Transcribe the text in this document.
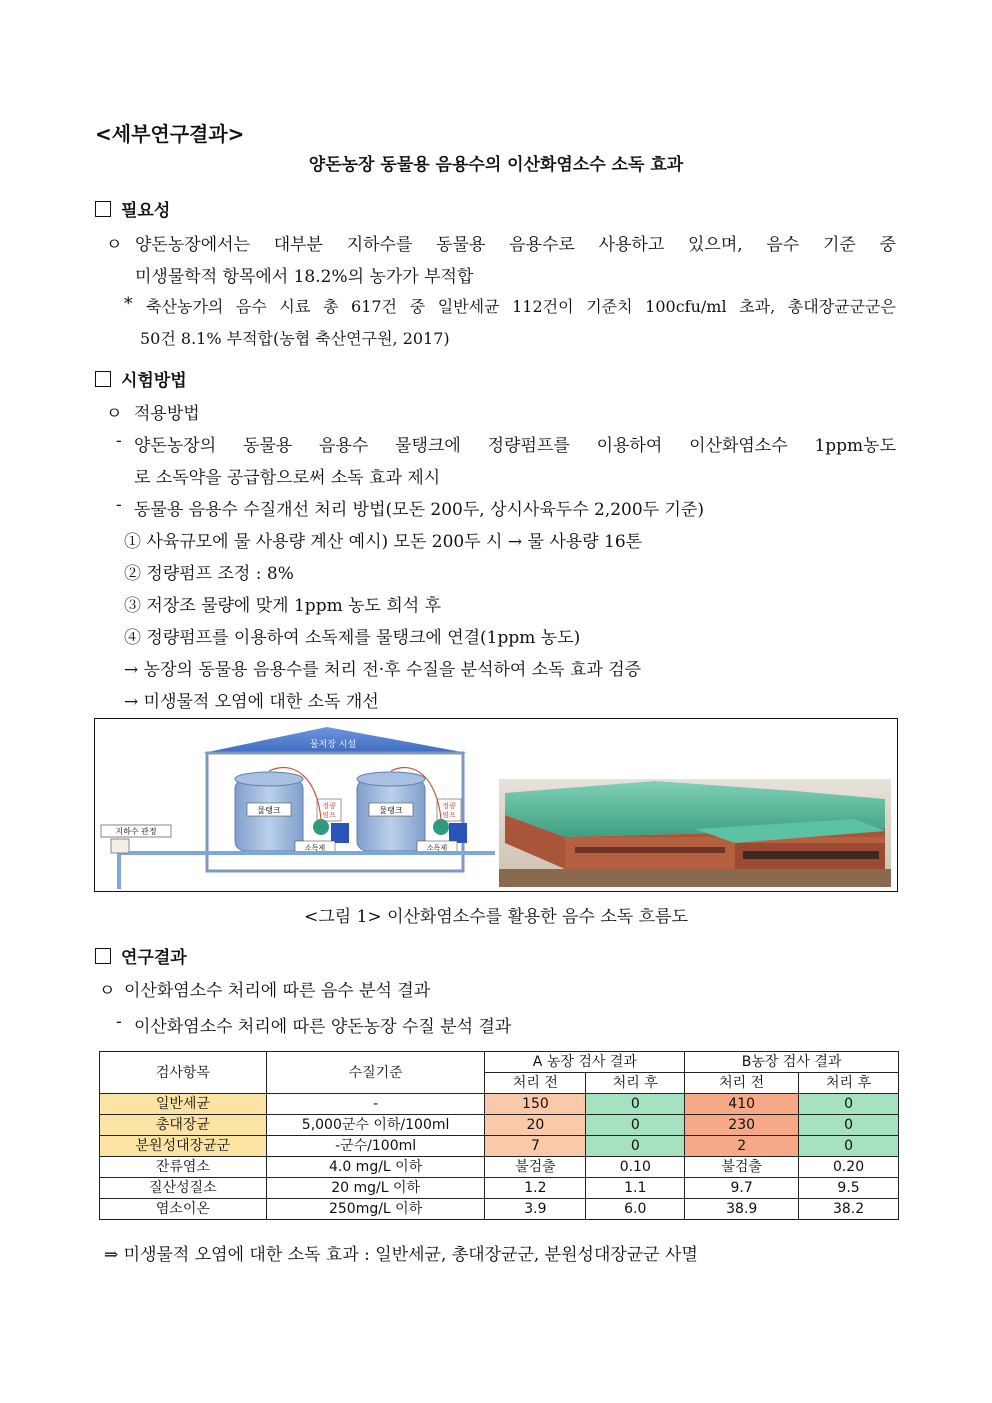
<세부연구결과>
양돈농장 동물용 음용수의 이산화염소수 소독 효과
필요성
ㅇ 양돈농장에서는 대부분 지하수를 동물용 음용수로 사용하고 있으며, 음수 기준 중
미생물학적 항목에서 18.2%의 농가가 부적합
* 축산농가의 음수 시료 총 617건 중 일반세균 112건이 기준치 100cfu/ml 초과, 총대장균군군은
50건 8.1% 부적합(농협 축산연구원, 2017)
시험방법
ㅇ 적용방법
- 양돈농장의 동물용 음용수 물탱크에 정량펌프를 이용하여 이산화염소수 1ppm농도
로 소독약을 공급함으로써 소독 효과 제시
- 동물용 음용수 수질개선 처리 방법(모돈 200두, 상시사육두수 2,200두 기준)
① 사육규모에 물 사용량 계산 예시) 모돈 200두 시 → 물 사용량 16톤
② 정량펌프 조정 : 8%
③ 저장조 물량에 맞게 1ppm 농도 희석 후
④ 정량펌프를 이용하여 소독제를 물탱크에 연결(1ppm 농도)
→ 농장의 동물용 음용수를 처리 전·후 수질을 분석하여 소독 효과 검증
→ 미생물적 오염에 대한 소독 개선
물저장 시설
물탱크	물탱크
정량 펌프
정량 펌프
소독제	소독제
지하수 관정
<그림 1> 이산화염소수를 활용한 음수 소독 흐름도
연구결과
ㅇ 이산화염소수 처리에 따른 음수 분석 결과
- 이산화염소수 처리에 따른 양돈농장 수질 분석 결과
검사항목	수질기준	A 농장 검사 결과		B농장 검사 결과	
		처리 전	처리 후	처리 전	처리 후
일반세균	-	150	0	410	0
총대장균	5,000군수 이하/100ml	20	0	230	0
분원성대장균군	-군수/100ml	7	0	2	0
잔류염소	4.0 mg/L 이하	불검출	0.10	불검출	0.20
질산성질소	20 mg/L 이하	1.2	1.1	9.7	9.5
염소이온	250mg/L 이하	3.9	6.0	38.9	38.2
⇒ 미생물적 오염에 대한 소독 효과 : 일반세균, 총대장균군, 분원성대장균군 사멸
